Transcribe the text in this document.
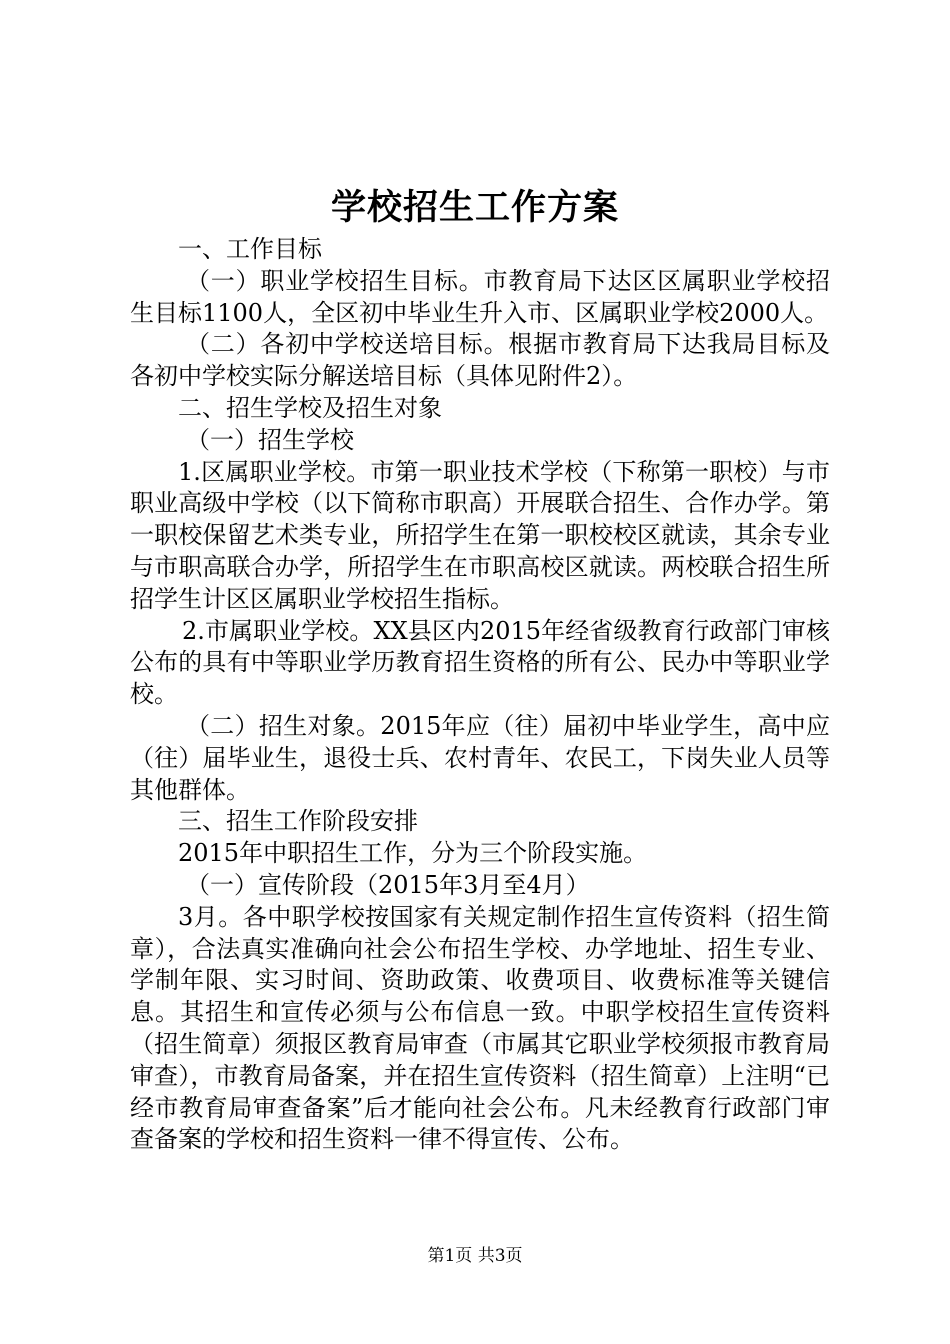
学校招生工作方案

一、工作目标

（一）职业学校招生目标。市教育局下达区区属职业学校招生目标1100人，全区初中毕业生升入市、区属职业学校2000人。

（二）各初中学校送培目标。根据市教育局下达我局目标及各初中学校实际分解送培目标（具体见附件2）。

二、招生学校及招生对象

（一）招生学校

1.区属职业学校。市第一职业技术学校（下称第一职校）与市职业高级中学校（以下简称市职高）开展联合招生、合作办学。第一职校保留艺术类专业，所招学生在第一职校校区就读，其余专业与市职高联合办学，所招学生在市职高校区就读。两校联合招生所招学生计区区属职业学校招生指标。

2.市属职业学校。XX县区内2015年经省级教育行政部门审核公布的具有中等职业学历教育招生资格的所有公、民办中等职业学校。

（二）招生对象。2015年应（往）届初中毕业学生，高中应（往）届毕业生，退役士兵、农村青年、农民工，下岗失业人员等其他群体。

三、招生工作阶段安排

2015年中职招生工作，分为三个阶段实施。

（一）宣传阶段（2015年3月至4月）

3月。各中职学校按国家有关规定制作招生宣传资料（招生简章），合法真实准确向社会公布招生学校、办学地址、招生专业、学制年限、实习时间、资助政策、收费项目、收费标准等关键信息。其招生和宣传必须与公布信息一致。中职学校招生宣传资料（招生简章）须报区教育局审查（市属其它职业学校须报市教育局审查），市教育局备案，并在招生宣传资料（招生简章）上注明“已经市教育局审查备案”后才能向社会公布。凡未经教育行政部门审查备案的学校和招生资料一律不得宣传、公布。

第1页 共3页
